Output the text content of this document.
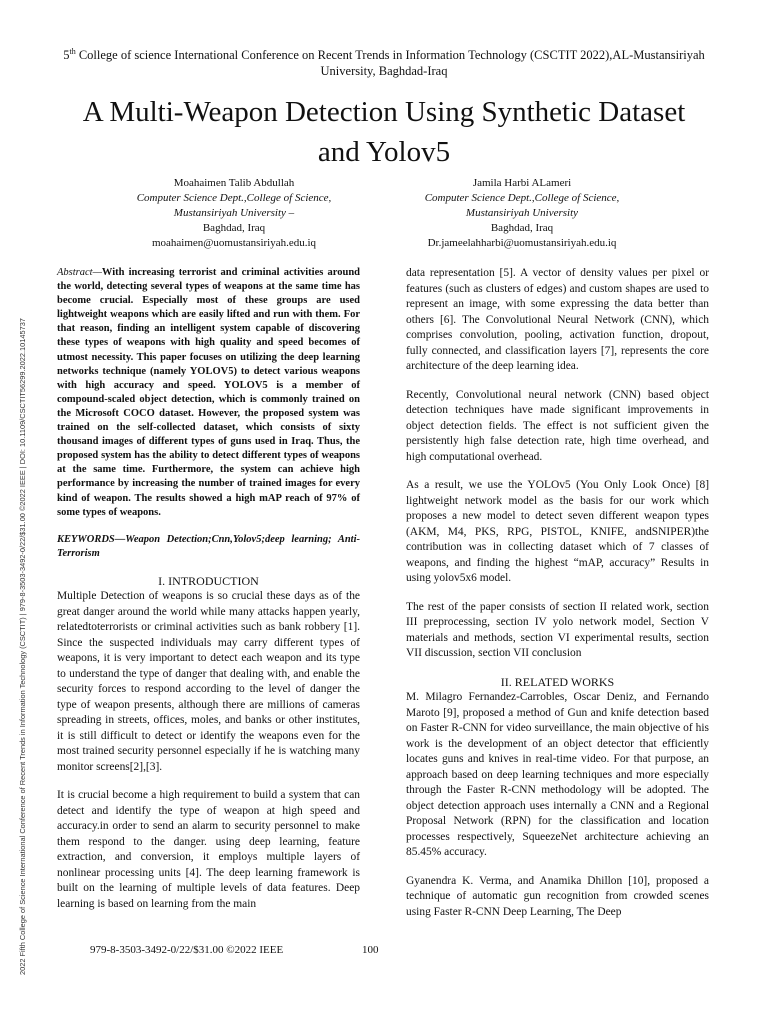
2022 Fifth College of Science International Conference of Recent Trends in Information Technology (CSCTIT) | 979-8-3503-3492-0/22/$31.00 ©2022 IEEE | DOI: 10.1109/CSCTIT56299.2022.10145737
5th College of science International Conference on Recent Trends in Information Technology (CSCTIT 2022),AL-Mustansiriyah University, Baghdad-Iraq
A Multi-Weapon Detection Using Synthetic Dataset and Yolov5
Moahaimen Talib Abdullah
Computer Science Dept.,College of Science,
Mustansiriyah University –
Baghdad, Iraq
moahaimen@uomustansiriyah.edu.iq
Jamila Harbi ALameri
Computer Science Dept.,College of Science,
Mustansiriyah University
Baghdad, Iraq
Dr.jameelahharbi@uomustansiriyah.edu.iq

Abstract—With increasing terrorist and criminal activities around the world, detecting several types of weapons at the same time has become crucial. Especially most of these groups are used lightweight weapons which are easily lifted and run with them. For that reason, finding an intelligent system capable of discovering these types of weapons with high quality and speed becomes of utmost necessity. This paper focuses on utilizing the deep learning networks technique (namely YOLOV5) to detect various weapons with high accuracy and speed. YOLOV5 is a member of compound-scaled object detection, which is commonly trained on the Microsoft COCO dataset. However, the proposed system was trained on the self-collected dataset, which consists of sixty thousand images of different types of guns used in Iraq. Thus, the proposed system has the ability to detect different types of weapons at the same time. Furthermore, the system can achieve high performance by increasing the number of trained images for every kind of weapon. The results showed a high mAP reach of 97% of some types of weapons.

KEYWORDS—Weapon Detection;Cnn,Yolov5;deep learning; Anti-Terrorism

I. INTRODUCTION

Multiple Detection of weapons is so crucial these days as of the great danger around the world while many attacks happen yearly, relatedtoterrorists or criminal activities such as bank robbery [1]. Since the suspected individuals may carry different types of weapons, it is very important to detect each weapon and its type to understand the type of danger that dealing with, and enable the security forces to respond according to the level of danger the type of weapon presents, although there are millions of cameras spreading in streets, offices, moles, and banks or other institutes, it is still difficult to detect or identify the weapons even for the most trained security personnel especially if he is watching many monitor screens[2],[3].

It is crucial become a high requirement to build a system that can detect and identify the type of weapon at high speed and accuracy.in order to send an alarm to security personnel to make them respond to the danger. using deep learning, feature extraction, and conversion, it employs multiple layers of nonlinear processing units [4]. The deep learning framework is built on the learning of multiple levels of data features. Deep learning is based on learning from the main

data representation [5]. A vector of density values per pixel or features (such as clusters of edges) and custom shapes are used to represent an image, with some expressing the data better than others [6]. The Convolutional Neural Network (CNN), which comprises convolution, pooling, activation function, dropout, fully connected, and classification layers [7], represents the core architecture of the deep learning idea.

Recently, Convolutional neural network (CNN) based object detection techniques have made significant improvements in object detection fields. The effect is not sufficient given the persistently high false detection rate, high time overhead, and high computational overhead.

As a result, we use the YOLOv5 (You Only Look Once) [8] lightweight network model as the basis for our work which proposes a new model to detect seven different weapon types (AKM, M4, PKS, RPG, PISTOL, KNIFE, andSNIPER)the contribution was in collecting dataset which of 7 classes of weapons, and finding the highest “mAP, accuracy” Results in using yolov5x6 model.

The rest of the paper consists of section II related work, section III preprocessing, section IV yolo network model, Section V materials and methods, section VI experimental results, section VII discussion, section VII conclusion

II. RELATED WORKS

M. Milagro Fernandez-Carrobles, Oscar Deniz, and Fernando Maroto [9], proposed a method of Gun and knife detection based on Faster R-CNN for video surveillance, the main objective of his work is the development of an object detector that efficiently locates guns and knives in real-time video. For that purpose, an approach based on deep learning techniques and more especially through the Faster R-CNN methodology will be adopted. The object detection approach uses internally a CNN and a Regional Proposal Network (RPN) for the classification and location processes respectively, SqueezeNet architecture achieving an 85.45% accuracy.

Gyanendra K. Verma, and Anamika Dhillon [10], proposed a technique of automatic gun recognition from crowded scenes using Faster R-CNN Deep Learning, The Deep

979-8-3503-3492-0/22/$31.00 ©2022 IEEE	100
